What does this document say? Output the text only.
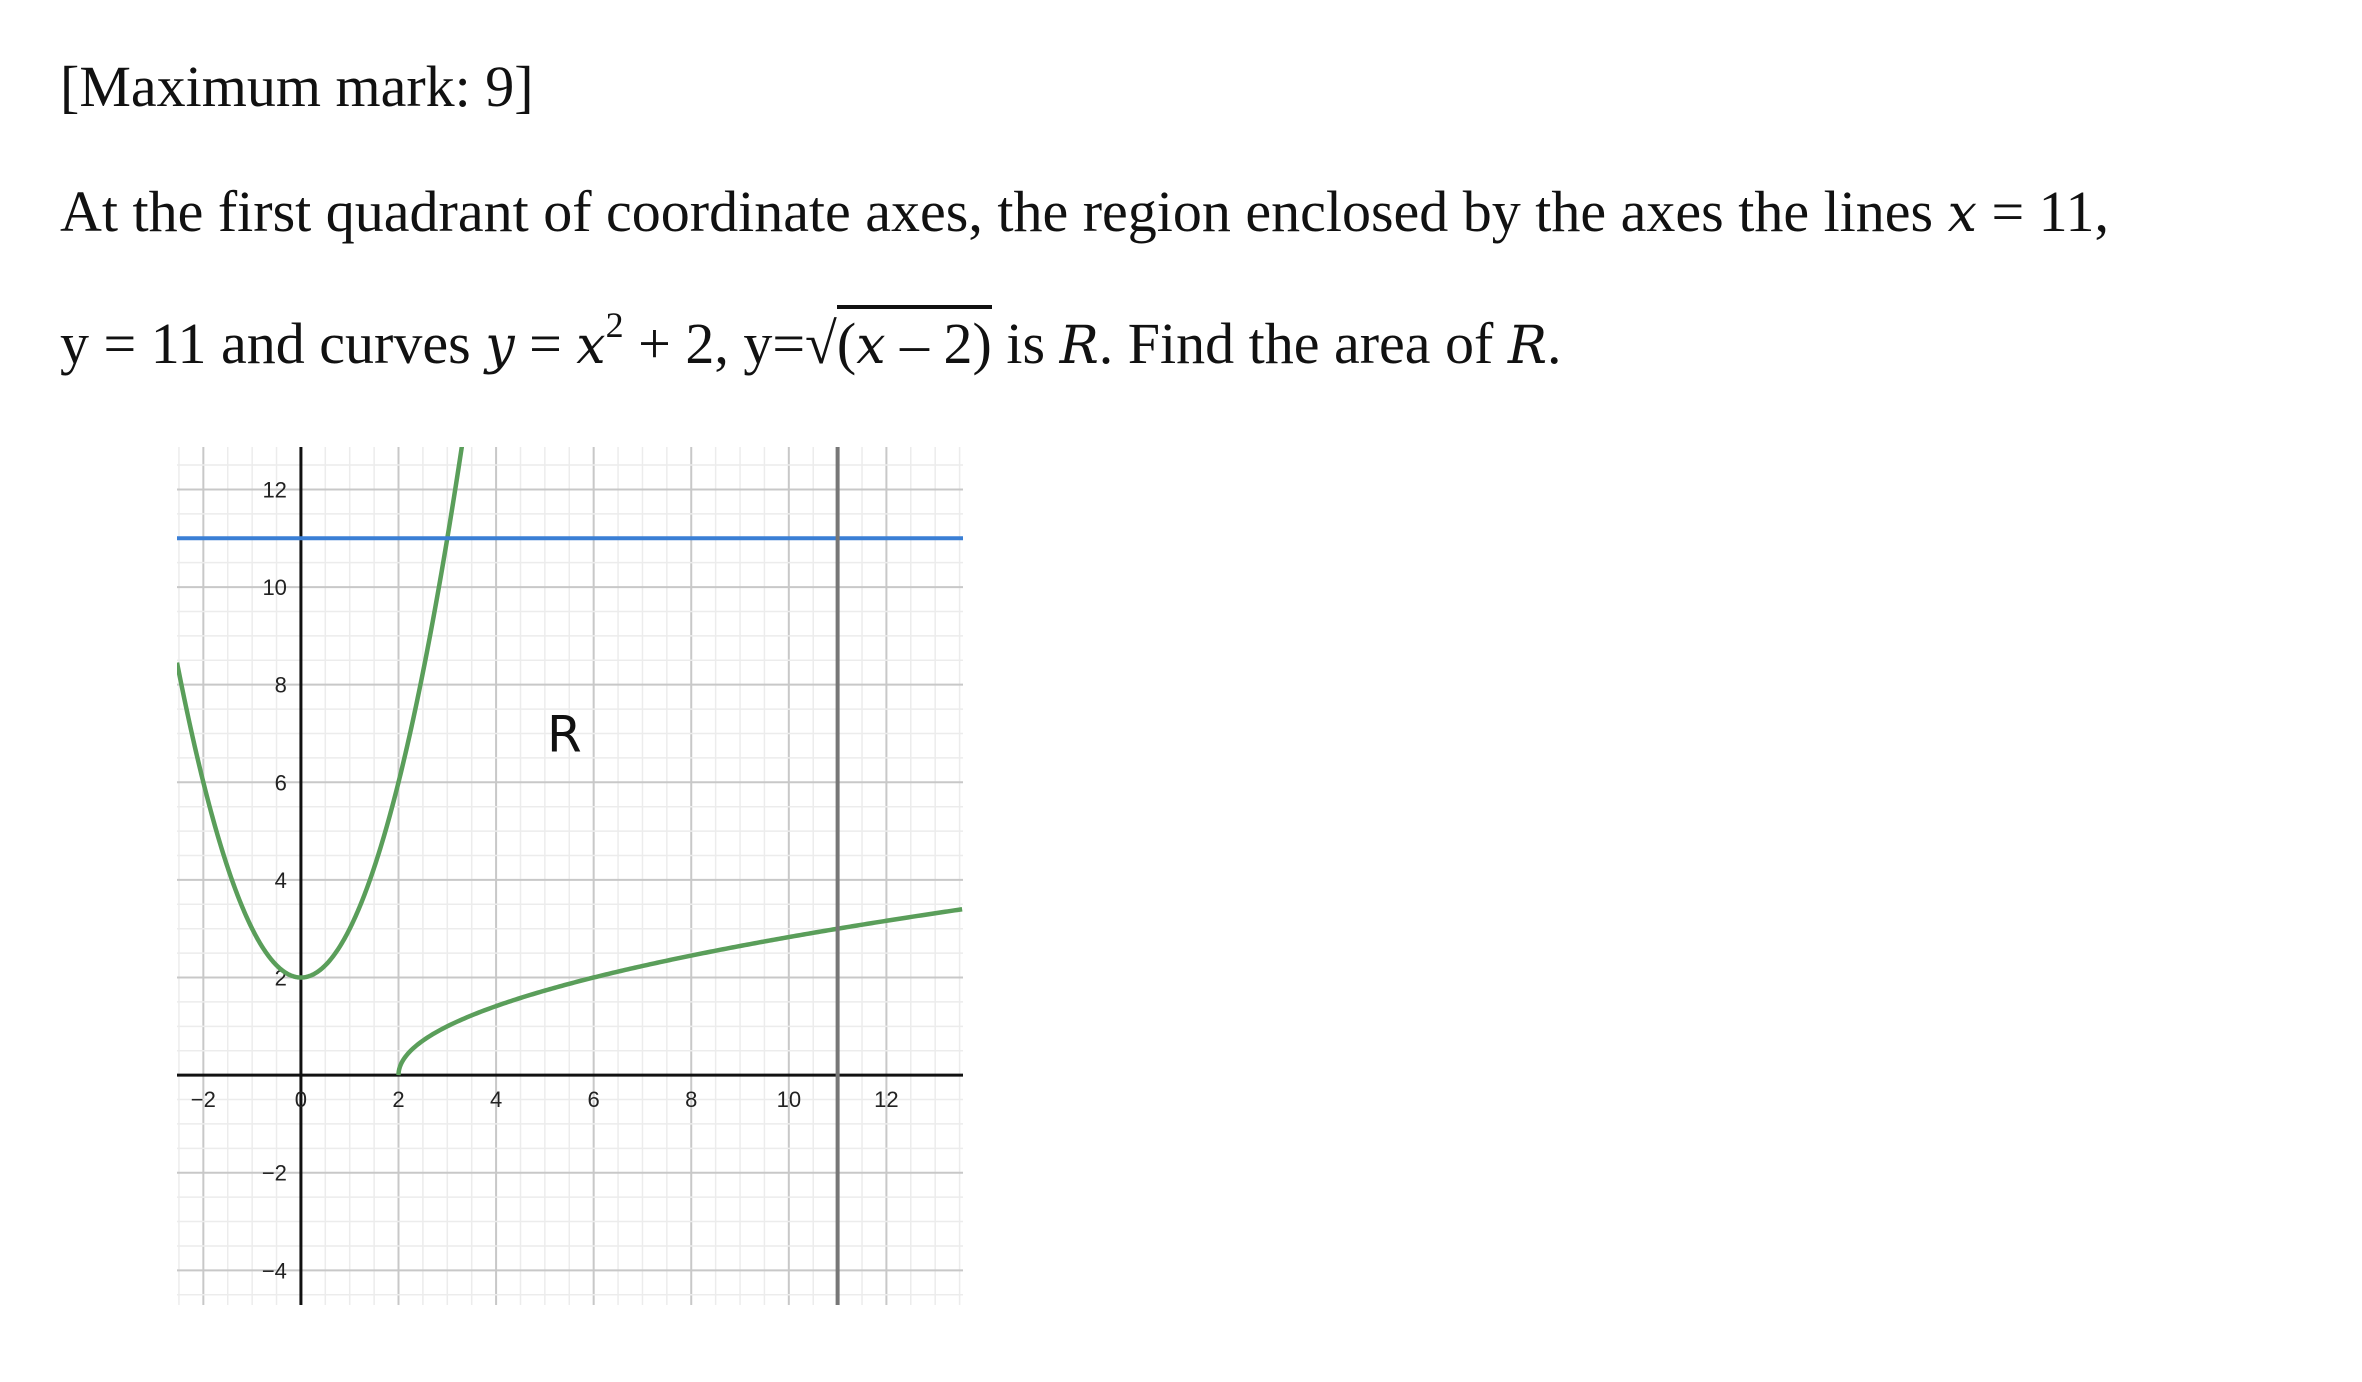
[Maximum mark: 9]
At the first quadrant of coordinate axes, the region enclosed by the axes the lines x = 11,
y = 11 and curves $y = x^2 + 2$, y=√(x – 2) is R. Find the area of R.
−2	0	2	4	6	8	10	12
12
10
8
6
4
2
−2
−4
R
